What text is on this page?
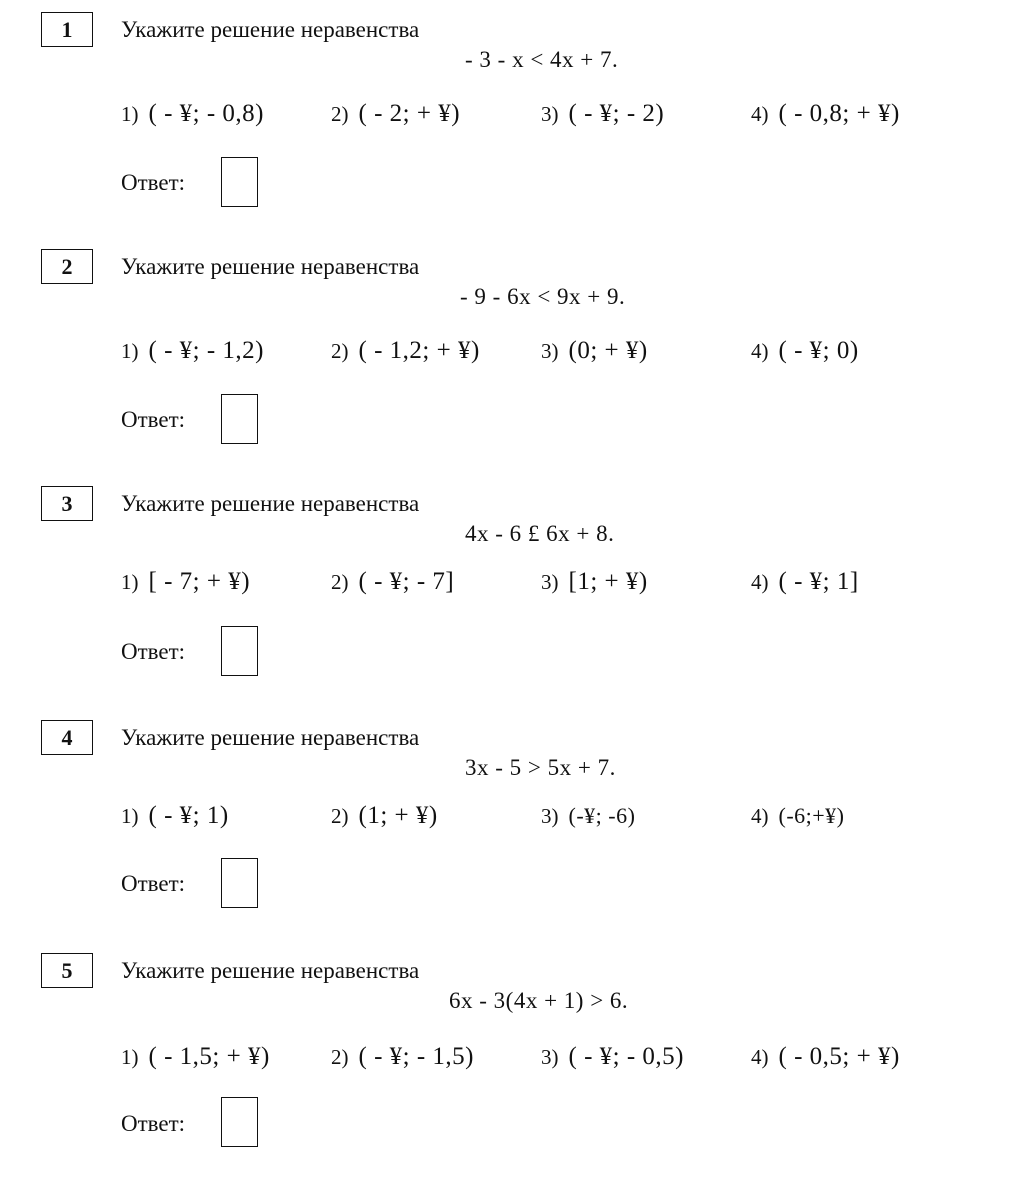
1	Укажите решение неравенства
- 3 - x < 4x + 7.
1) ( - ¥; - 0,8)	2) ( - 2; + ¥)	3) ( - ¥; - 2)	4) ( - 0,8; + ¥)
Ответ:
2	Укажите решение неравенства
- 9 - 6x < 9x + 9.
1) ( - ¥; - 1,2)	2) ( - 1,2; + ¥)	3) (0; + ¥)	4) ( - ¥; 0)
Ответ:
3	Укажите решение неравенства
4x - 6 £ 6x + 8.
1) [ - 7; + ¥)	2) ( - ¥; - 7]	3) [1; + ¥)	4) ( - ¥; 1]
Ответ:
4	Укажите решение неравенства
3x - 5 > 5x + 7.
1) ( - ¥; 1)	2) (1; + ¥)	3) (-¥; -6)	4) (-6;+¥)
Ответ:
5	Укажите решение неравенства
6x - 3(4x + 1) > 6.
1) ( - 1,5; + ¥)	2) ( - ¥; - 1,5)	3) ( - ¥; - 0,5)	4) ( - 0,5; + ¥)
Ответ:
